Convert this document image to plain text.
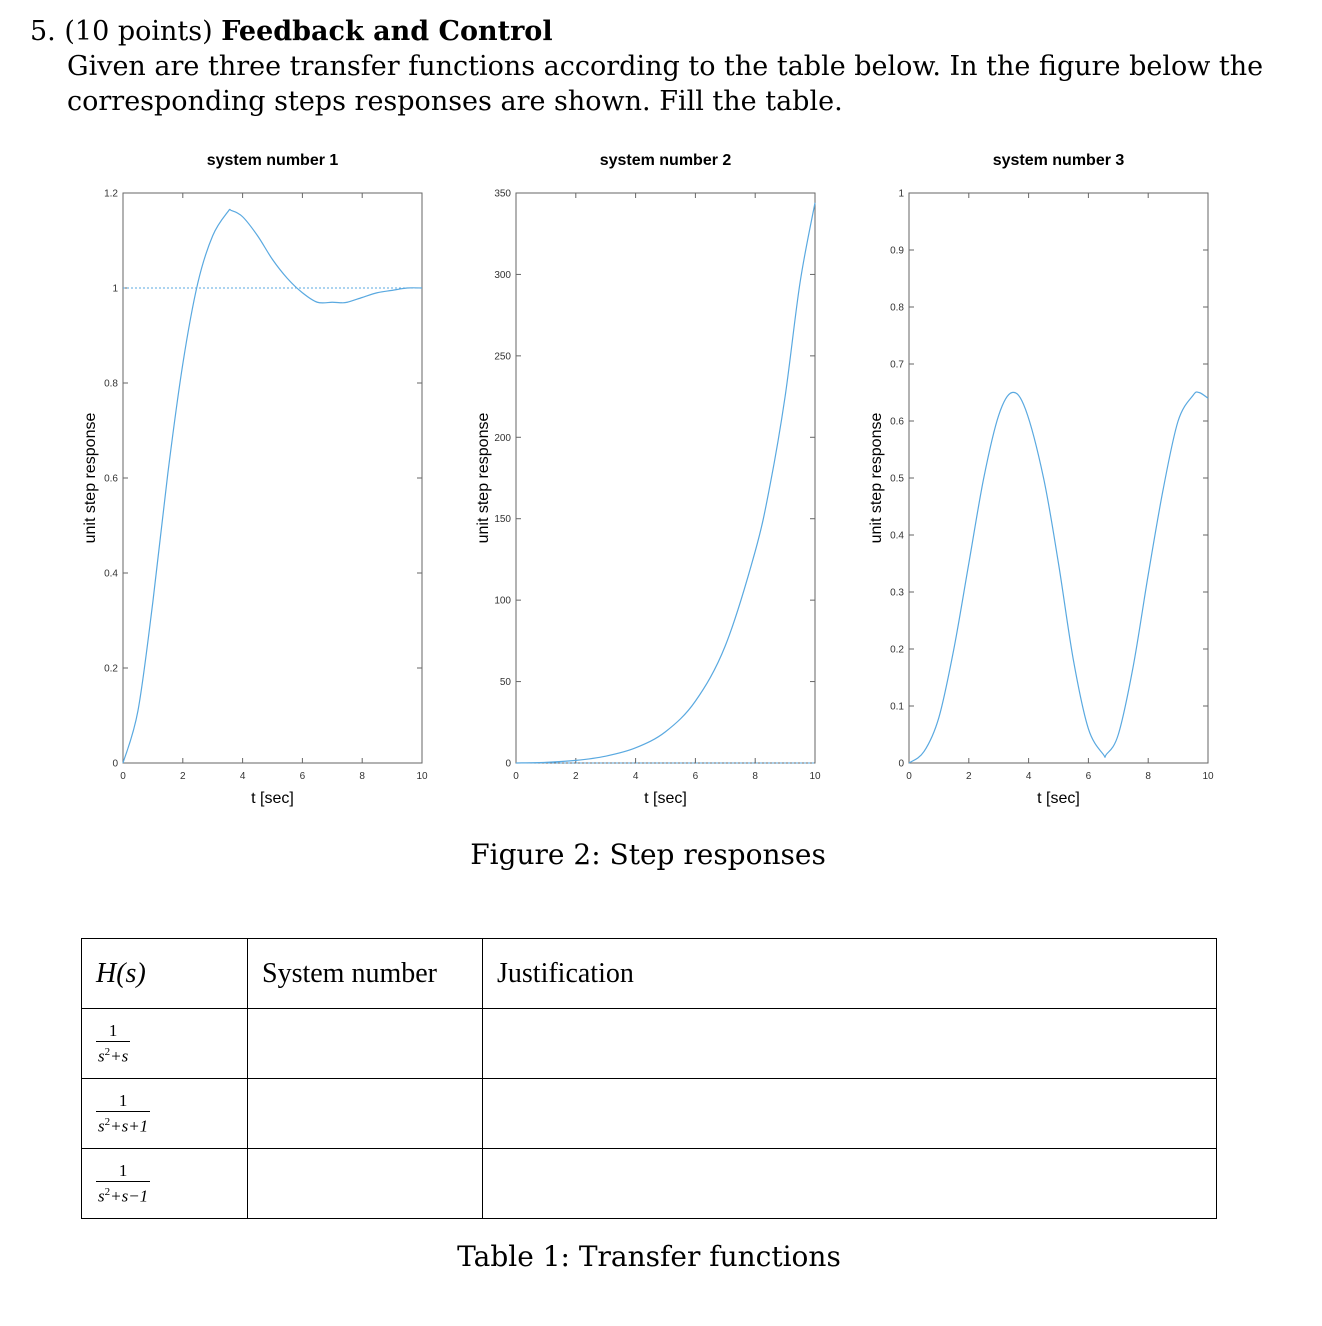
5. (10 points) Feedback and Control

Given are three transfer functions according to the table below. In the figure below the corresponding steps responses are shown. Fill the table.

system number 1
0	2	4	6	8	10
0
0.2
0.4
0.6
0.8
1
1.2
t [sec]
unit step response
system number 2
0	2	4	6	8	10
0
50
100
150
200
250
300
350
t [sec]
unit step response
system number 3
0	2	4	6	8	10
0
0.1
0.2
0.3
0.4
0.5
0.6
0.7
0.8
0.9
1
t [sec]
unit step response
Figure 2: Step responses
H(s)	System number	Justification

$\frac{1}{s^2+s}$

$\frac{1}{s^2+s+1}$

$\frac{1}{s^2+s-1}$

Table 1: Transfer functions
